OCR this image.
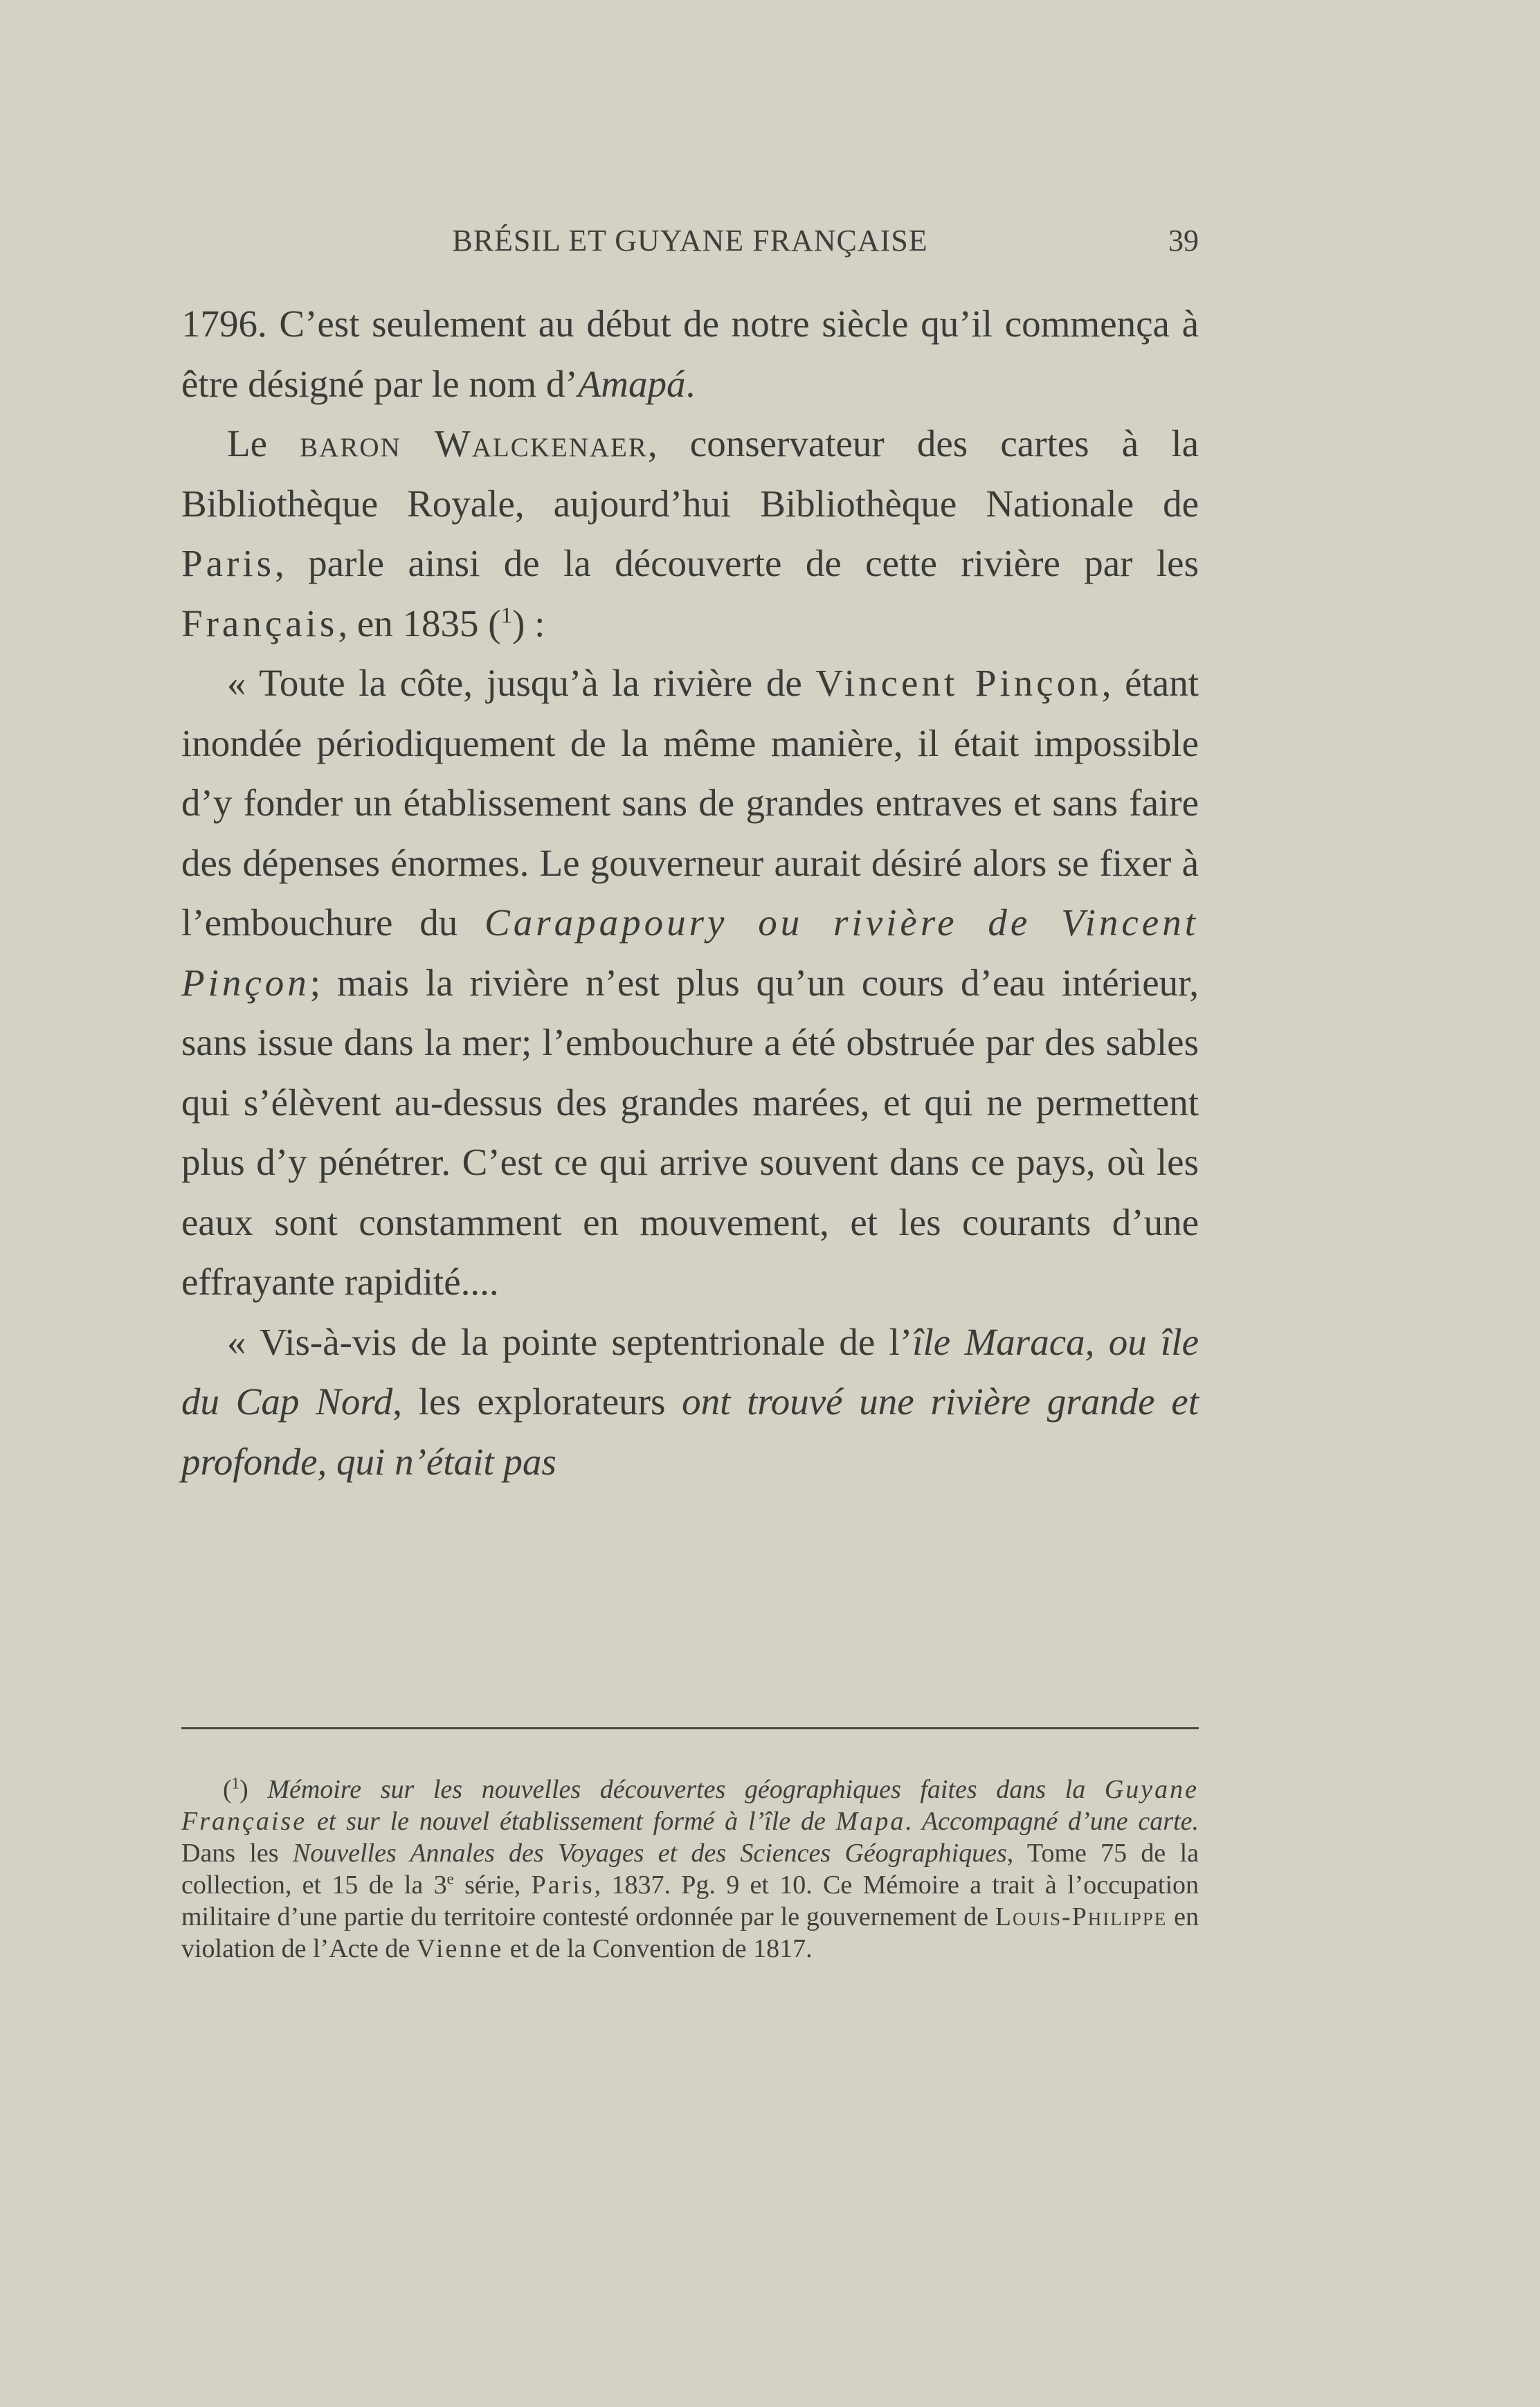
BRÉSIL ET GUYANE FRANÇAISE	39

1796. C’est seulement au début de notre siècle qu’il commença à être désigné par le nom d’Amapá.

Le baron Walckenaer, conservateur des cartes à la Bibliothèque Royale, aujourd’hui Bibliothèque Nationale de Paris, parle ainsi de la découverte de cette rivière par les Français, en 1835 ($^1$) :

« Toute la côte, jusqu’à la rivière de Vincent Pinçon, étant inondée périodiquement de la même manière, il était impossible d’y fonder un établissement sans de grandes entraves et sans faire des dépenses énormes. Le gouverneur aurait désiré alors se fixer à l’embouchure du Carapapoury ou rivière de Vincent Pinçon; mais la rivière n’est plus qu’un cours d’eau intérieur, sans issue dans la mer; l’embouchure a été obstruée par des sables qui s’élèvent au-dessus des grandes marées, et qui ne permettent plus d’y pénétrer. C’est ce qui arrive souvent dans ce pays, où les eaux sont constamment en mouvement, et les courants d’une effrayante rapidité....

« Vis-à-vis de la pointe septentrionale de l’île Maraca, ou île du Cap Nord, les explorateurs ont trouvé une rivière grande et profonde, qui n’était pas

($^1$) Mémoire sur les nouvelles découvertes géographiques faites dans la Guyane Française et sur le nouvel établissement formé à l’île de Mapa. Accompagné d’une carte. Dans les Nouvelles Annales des Voyages et des Sciences Géographiques, Tome 75 de la collection, et 15 de la 3e série, Paris, 1837. Pg. 9 et 10. Ce Mémoire a trait à l’occupation militaire d’une partie du territoire contesté ordonnée par le gouvernement de Louis-Philippe en violation de l’Acte de Vienne et de la Convention de 1817.
